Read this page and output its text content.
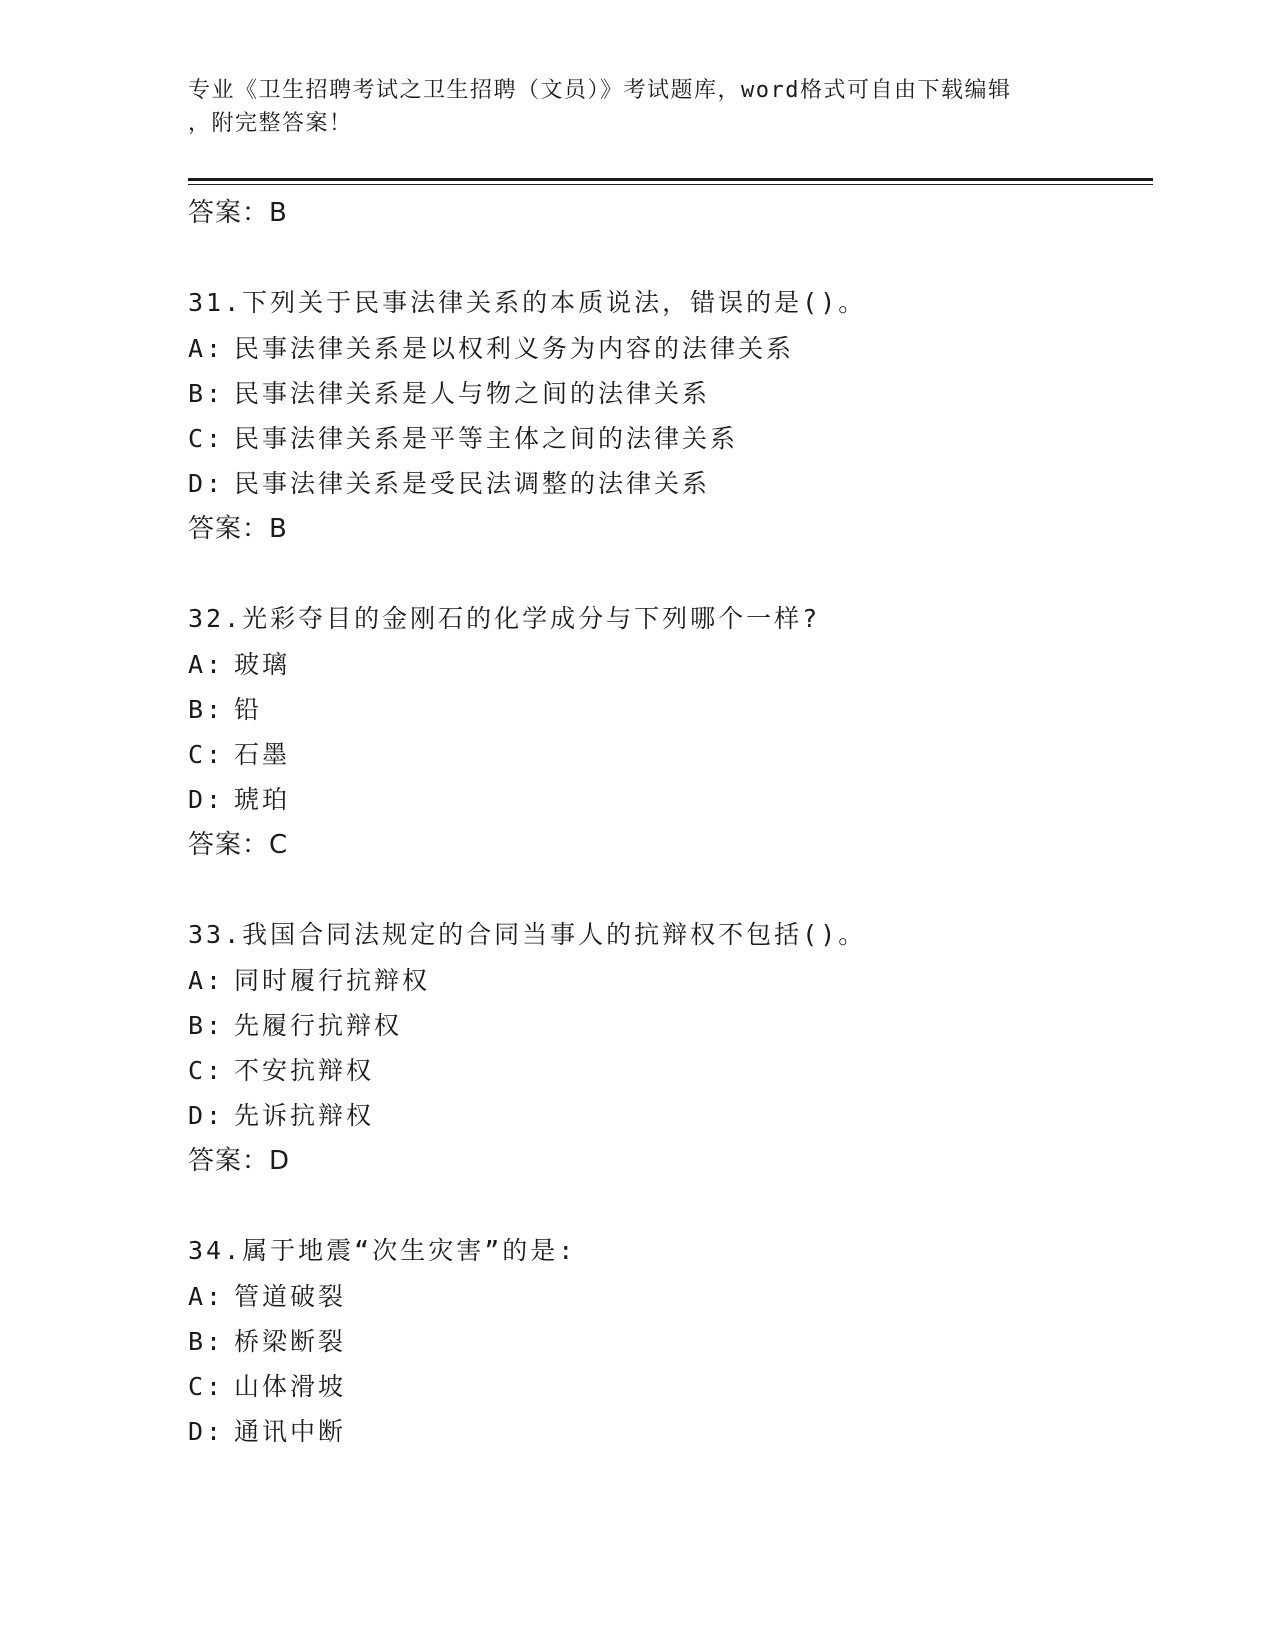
专业《卫生招聘考试之卫生招聘（文员）》考试题库，word格式可自由下载编辑
，附完整答案！
答案：B
31.下列关于民事法律关系的本质说法，错误的是()。
A: 民事法律关系是以权利义务为内容的法律关系
B: 民事法律关系是人与物之间的法律关系
C: 民事法律关系是平等主体之间的法律关系
D: 民事法律关系是受民法调整的法律关系
答案：B
32.光彩夺目的金刚石的化学成分与下列哪个一样?
A: 玻璃
B: 铅
C: 石墨
D: 琥珀
答案：C
33.我国合同法规定的合同当事人的抗辩权不包括()。
A: 同时履行抗辩权
B: 先履行抗辩权
C: 不安抗辩权
D: 先诉抗辩权
答案：D
34.属于地震“次生灾害”的是:
A: 管道破裂
B: 桥梁断裂
C: 山体滑坡
D: 通讯中断
